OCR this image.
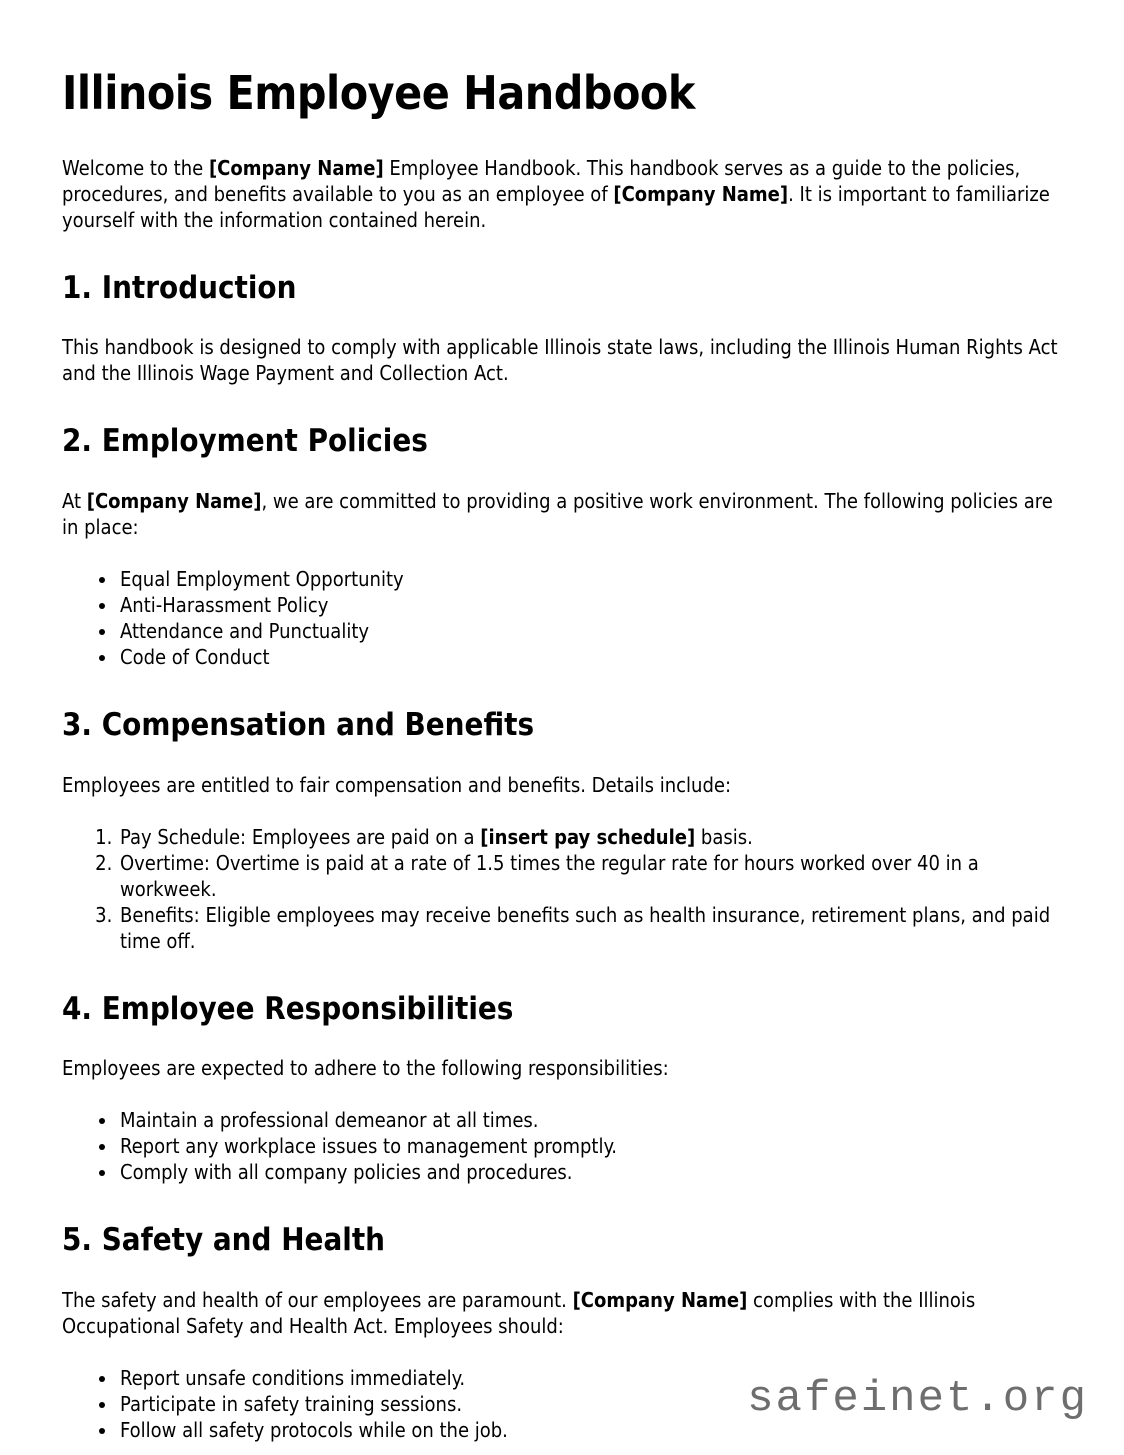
Illinois Employee Handbook

Welcome to the [Company Name] Employee Handbook. This handbook serves as a guide to the policies, procedures, and benefits available to you as an employee of [Company Name]. It is important to familiarize yourself with the information contained herein.

1. Introduction

This handbook is designed to comply with applicable Illinois state laws, including the Illinois Human Rights Act and the Illinois Wage Payment and Collection Act.

2. Employment Policies

At [Company Name], we are committed to providing a positive work environment. The following policies are in place:

• Equal Employment Opportunity
• Anti-Harassment Policy
• Attendance and Punctuality
• Code of Conduct
3. Compensation and Benefits

Employees are entitled to fair compensation and benefits. Details include:

1. Pay Schedule: Employees are paid on a [insert pay schedule] basis.
2. Overtime: Overtime is paid at a rate of 1.5 times the regular rate for hours worked over 40 in a workweek.
3. Benefits: Eligible employees may receive benefits such as health insurance, retirement plans, and paid time off.
4. Employee Responsibilities

Employees are expected to adhere to the following responsibilities:

• Maintain a professional demeanor at all times.
• Report any workplace issues to management promptly.
• Comply with all company policies and procedures.
5. Safety and Health

The safety and health of our employees are paramount. [Company Name] complies with the Illinois Occupational Safety and Health Act. Employees should:

• Report unsafe conditions immediately.
• Participate in safety training sessions.
• Follow all safety protocols while on the job.
safeinet.org
